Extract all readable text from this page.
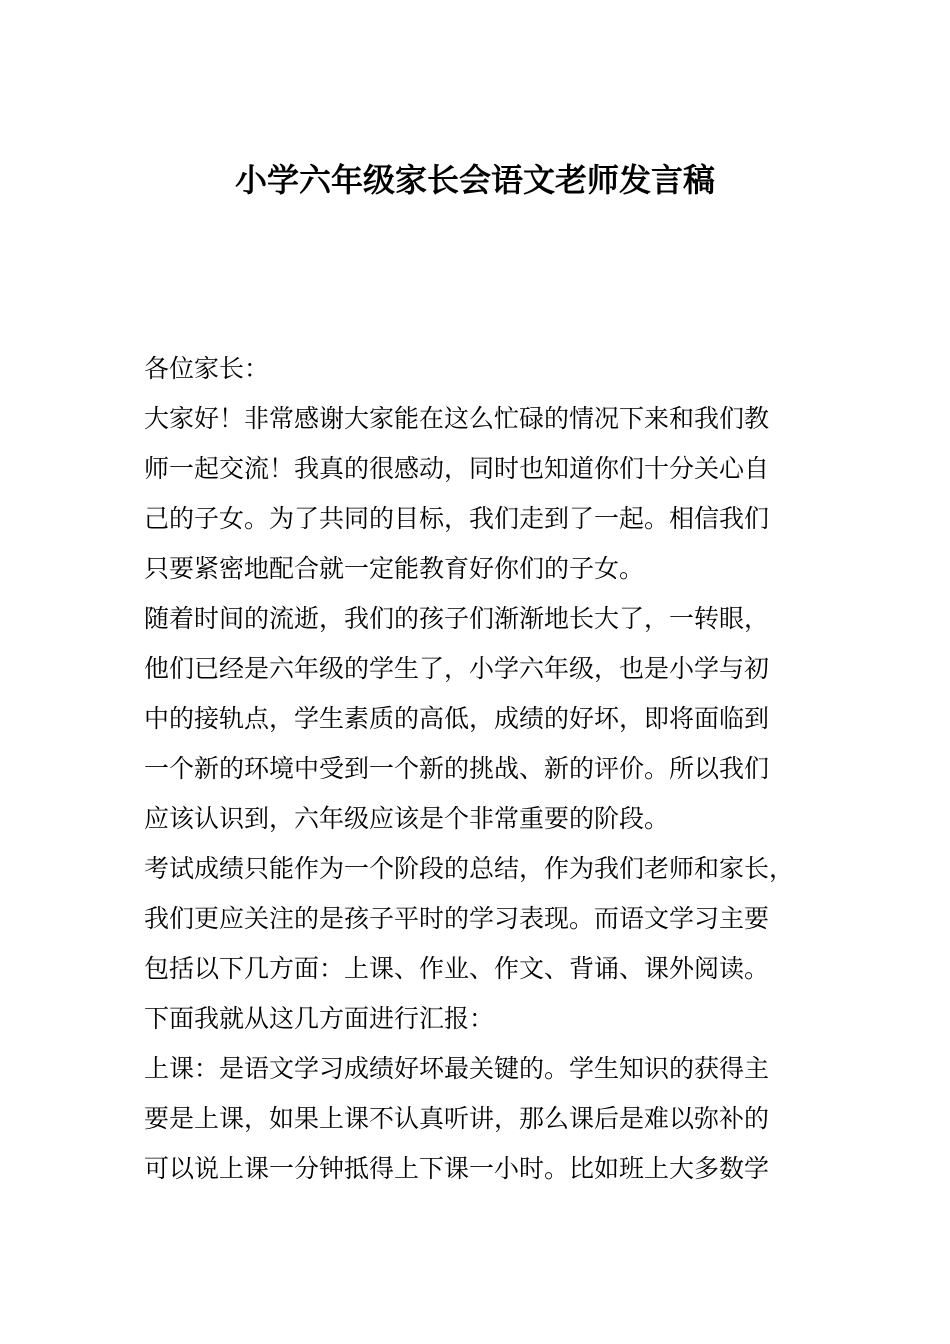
小学六年级家长会语文老师发言稿
各位家长：
大家好！非常感谢大家能在这么忙碌的情况下来和我们教
师一起交流！我真的很感动，同时也知道你们十分关心自
己的子女。为了共同的目标，我们走到了一起。相信我们
只要紧密地配合就一定能教育好你们的子女。
随着时间的流逝，我们的孩子们渐渐地长大了，一转眼，
他们已经是六年级的学生了，小学六年级，也是小学与初
中的接轨点，学生素质的高低，成绩的好坏，即将面临到
一个新的环境中受到一个新的挑战、新的评价。所以我们
应该认识到，六年级应该是个非常重要的阶段。
考试成绩只能作为一个阶段的总结，作为我们老师和家长，
我们更应关注的是孩子平时的学习表现。而语文学习主要
包括以下几方面：上课、作业、作文、背诵、课外阅读。
下面我就从这几方面进行汇报：
上课：是语文学习成绩好坏最关键的。学生知识的获得主
要是上课，如果上课不认真听讲，那么课后是难以弥补的
可以说上课一分钟抵得上下课一小时。比如班上大多数学
